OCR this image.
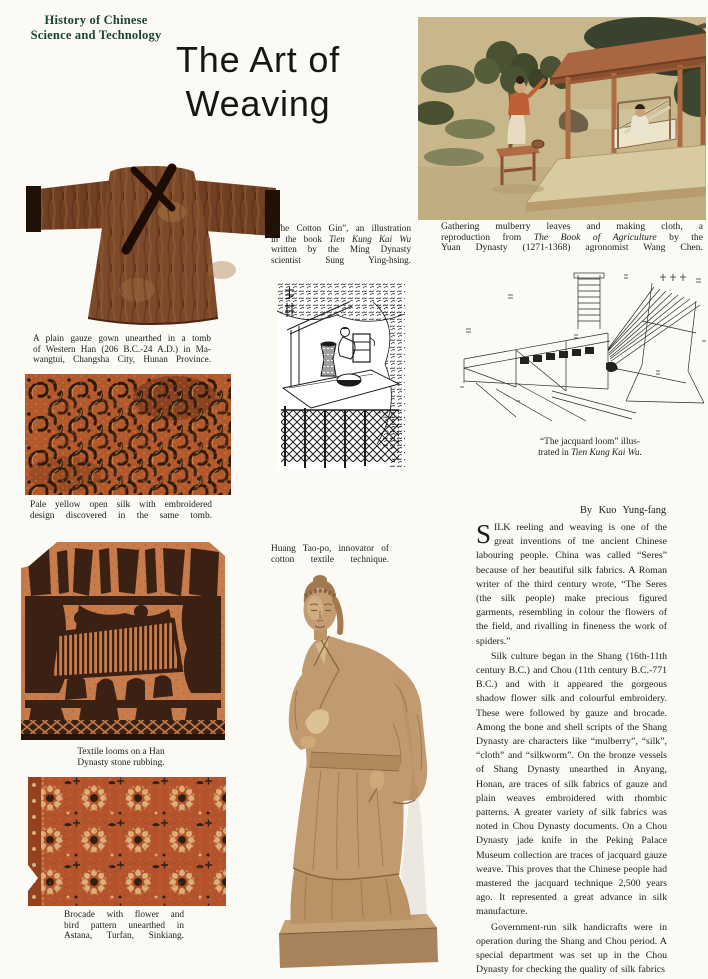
History of Chinese
Science and Technology
The Art of
Weaving
Gathering mulberry leaves and making cloth, a
reproduction from The Book of Agriculture by the
Yuan Dynasty (1271-1368) agronomist Wang Chen.
A plain gauze gown unearthed in a tomb
of Western Han (206 B.C.-24 A.D.) in Ma-
wangtui, Changsha City, Hunan Province.
“The Cotton Gin”, an illustration
in the book Tien Kung Kai Wu
written by the Ming Dynasty
scientist Sung Ying-hsing.
“The jacquard loom” illus-
trated in Tien Kung Kai Wu.
Pale yellow open silk with embroidered
design discovered in the same tomb.	By Kuo Yung-fang

SILK reeling and weaving is one of the great inventions of tne ancient Chinese labouring people. China was called “Seres” because of her beautiful silk fabrics. A Roman writer of the third century wrote, “The Seres (the silk people) make precious figured garments, resembling in colour the flowers of the field, and rivalling in fineness the work of spiders.”

Silk culture began in the Shang (16th-11th century B.C.) and Chou (11th century B.C.-771 B.C.) and with it appeared the gorgeous shadow flower silk and colourful embroidery. These were followed by gauze and brocade. Among the bone and shell scripts of the Shang Dynasty are characters like “mulberry”, “silk”, “cloth” and “silkworm”. On the bronze vessels of Shang Dynasty unearthed in Anyang, Honan, are traces of silk fabrics of gauze and plain weaves embroidered with rhombic patterns. A greater variety of silk fabrics was noted in Chou Dynasty documents. On a Chou Dynasty jade knife in the Peking Palace Museum collection are traces of jacquard gauze weave. This proves that the Chinese people had mastered the jacquard technique 2,500 years ago. It represented a great advance in silk manufacture.

Government-run silk handicrafts were in operation during the Shang and Chou period. A special department was set up in the Chou Dynasty for checking the quality of silk fabrics

Huang Tao-po, innovator of
cotton textile technique.
Textile looms on a Han
Dynasty stone rubbing.
Brocade with flower and
bird pattern unearthed in
Astana, Turfan, Sinkiang.
